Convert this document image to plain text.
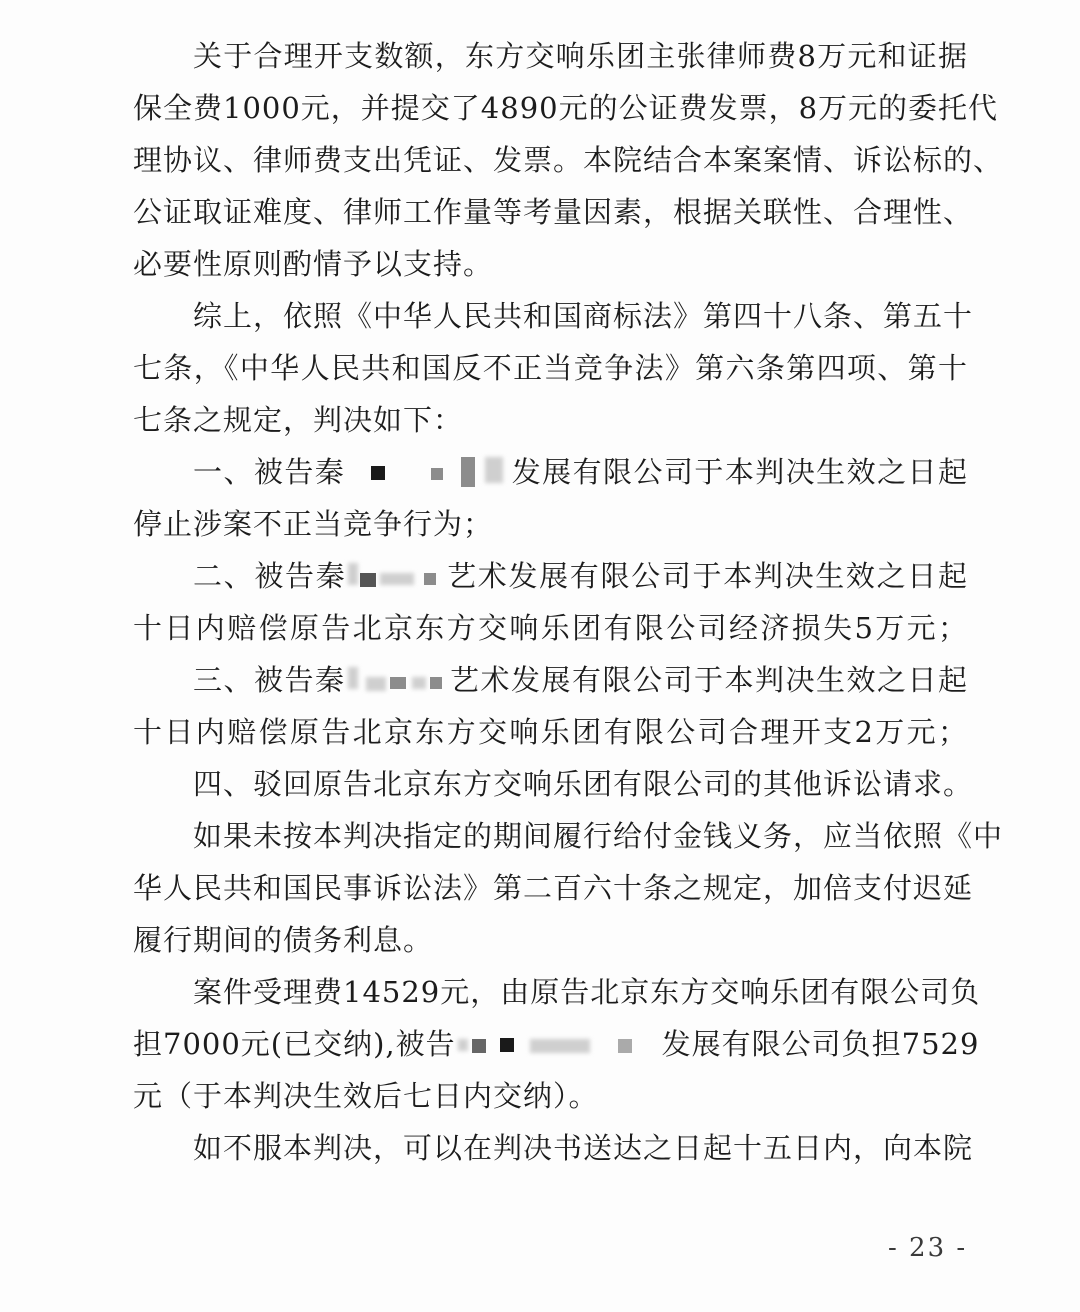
关于合理开支数额，东方交响乐团主张律师费8万元和证据
保全费1000元，并提交了4890元的公证费发票，8万元的委托代
理协议、律师费支出凭证、发票。本院结合本案案情、诉讼标的、
公证取证难度、律师工作量等考量因素，根据关联性、合理性、
必要性原则酌情予以支持。
综上，依照《中华人民共和国商标法》第四十八条、第五十
七条，《中华人民共和国反不正当竞争法》第六条第四项、第十
七条之规定，判决如下：
一、被告秦	发展有限公司于本判决生效之日起
停止涉案不正当竞争行为；
二、被告秦	艺术发展有限公司于本判决生效之日起
十日内赔偿原告北京东方交响乐团有限公司经济损失5万元；
三、被告秦	艺术发展有限公司于本判决生效之日起
十日内赔偿原告北京东方交响乐团有限公司合理开支2万元；
四、驳回原告北京东方交响乐团有限公司的其他诉讼请求。
如果未按本判决指定的期间履行给付金钱义务，应当依照《中
华人民共和国民事诉讼法》第二百六十条之规定，加倍支付迟延
履行期间的债务利息。
案件受理费14529元，由原告北京东方交响乐团有限公司负
担7000元(已交纳),被告	发展有限公司负担7529
元（于本判决生效后七日内交纳）。
如不服本判决，可以在判决书送达之日起十五日内，向本院
- 23 -
